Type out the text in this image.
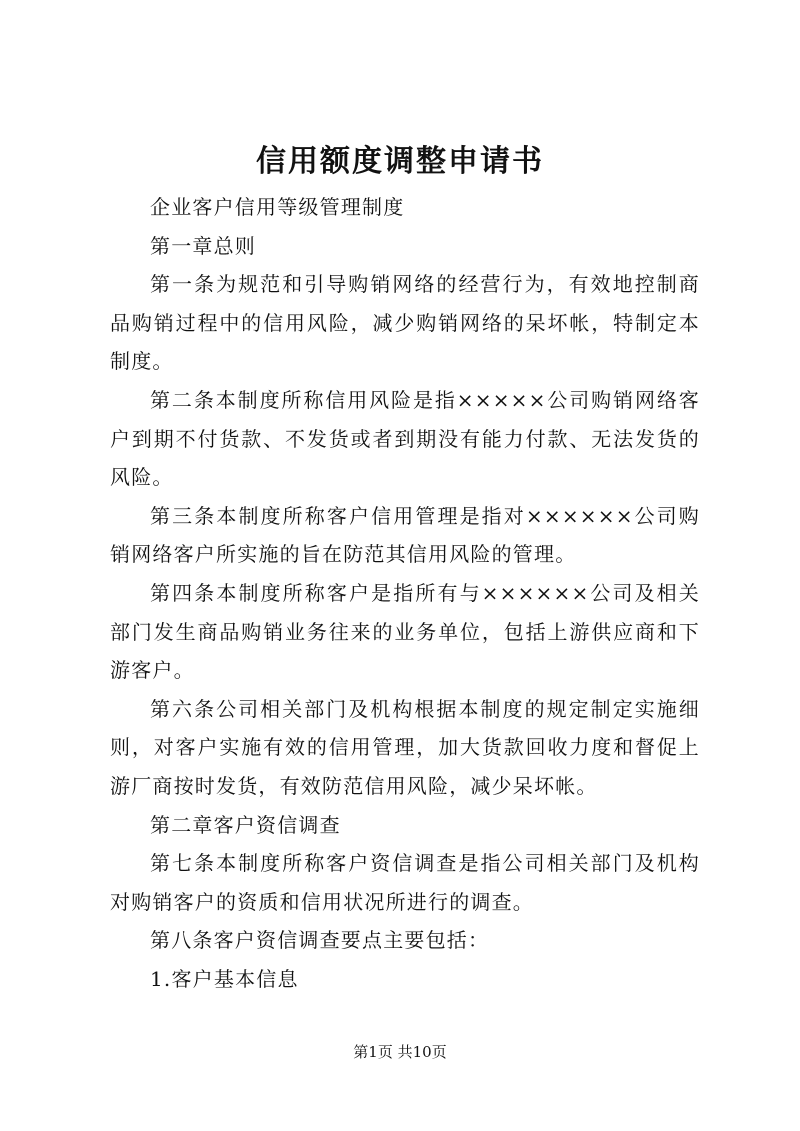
信用额度调整申请书

企业客户信用等级管理制度

第一章总则

第一条为规范和引导购销网络的经营行为，有效地控制商品购销过程中的信用风险，减少购销网络的呆坏帐，特制定本制度。

第二条本制度所称信用风险是指×××××公司购销网络客户到期不付货款、不发货或者到期没有能力付款、无法发货的风险。

第三条本制度所称客户信用管理是指对××××××公司购销网络客户所实施的旨在防范其信用风险的管理。

第四条本制度所称客户是指所有与××××××公司及相关部门发生商品购销业务往来的业务单位，包括上游供应商和下游客户。

第六条公司相关部门及机构根据本制度的规定制定实施细则，对客户实施有效的信用管理，加大货款回收力度和督促上游厂商按时发货，有效防范信用风险，减少呆坏帐。

第二章客户资信调查

第七条本制度所称客户资信调查是指公司相关部门及机构对购销客户的资质和信用状况所进行的调查。

第八条客户资信调查要点主要包括：

1.客户基本信息

第1页 共10页
